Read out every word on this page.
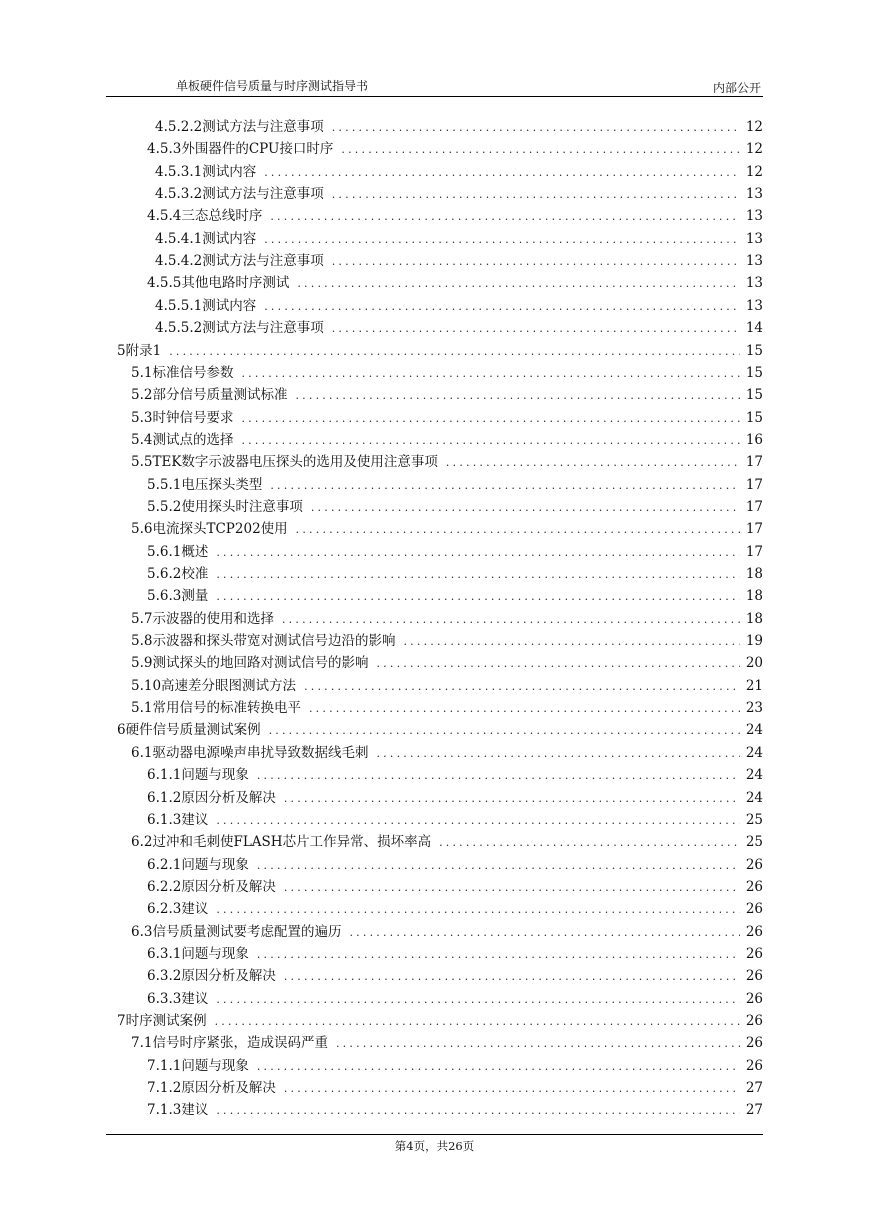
单板硬件信号质量与时序测试指导书	内部公开
4.5.2.2测试方法与注意事项 .....	12
4.5.3外围器件的CPU接口时序 .....	12
4.5.3.1测试内容 .....	12
4.5.3.2测试方法与注意事项 .....	13
4.5.4三态总线时序 .....	13
4.5.4.1测试内容 .....	13
4.5.4.2测试方法与注意事项 .....	13
4.5.5其他电路时序测试 .....	13
4.5.5.1测试内容 .....	13
4.5.5.2测试方法与注意事项 .....	14
5附录1 .....	15
5.1标准信号参数 .....	15
5.2部分信号质量测试标准 .....	15
5.3时钟信号要求 .....	15
5.4测试点的选择 .....	16
5.5TEK数字示波器电压探头的选用及使用注意事项 .....	17
5.5.1电压探头类型 .....	17
5.5.2使用探头时注意事项 .....	17
5.6电流探头TCP202使用 .....	17
5.6.1概述 .....	17
5.6.2校准 .....	18
5.6.3测量 .....	18
5.7示波器的使用和选择 .....	18
5.8示波器和探头带宽对测试信号边沿的影响 .....	19
5.9测试探头的地回路对测试信号的影响 .....	20
5.10高速差分眼图测试方法 .....	21
5.1常用信号的标准转换电平 .....	23
6硬件信号质量测试案例 .....	24
6.1驱动器电源噪声串扰导致数据线毛刺 .....	24
6.1.1问题与现象 .....	24
6.1.2原因分析及解决 .....	24
6.1.3建议 .....	25
6.2过冲和毛刺使FLASH芯片工作异常、损坏率高 .....	25
6.2.1问题与现象 .....	26
6.2.2原因分析及解决 .....	26
6.2.3建议 .....	26
6.3信号质量测试要考虑配置的遍历 .....	26
6.3.1问题与现象 .....	26
6.3.2原因分析及解决 .....	26
6.3.3建议 .....	26
7时序测试案例 .....	26
7.1信号时序紧张，造成误码严重 .....	26
7.1.1问题与现象 .....	26
7.1.2原因分析及解决 .....	27
7.1.3建议 .....	27
第4页，共26页
